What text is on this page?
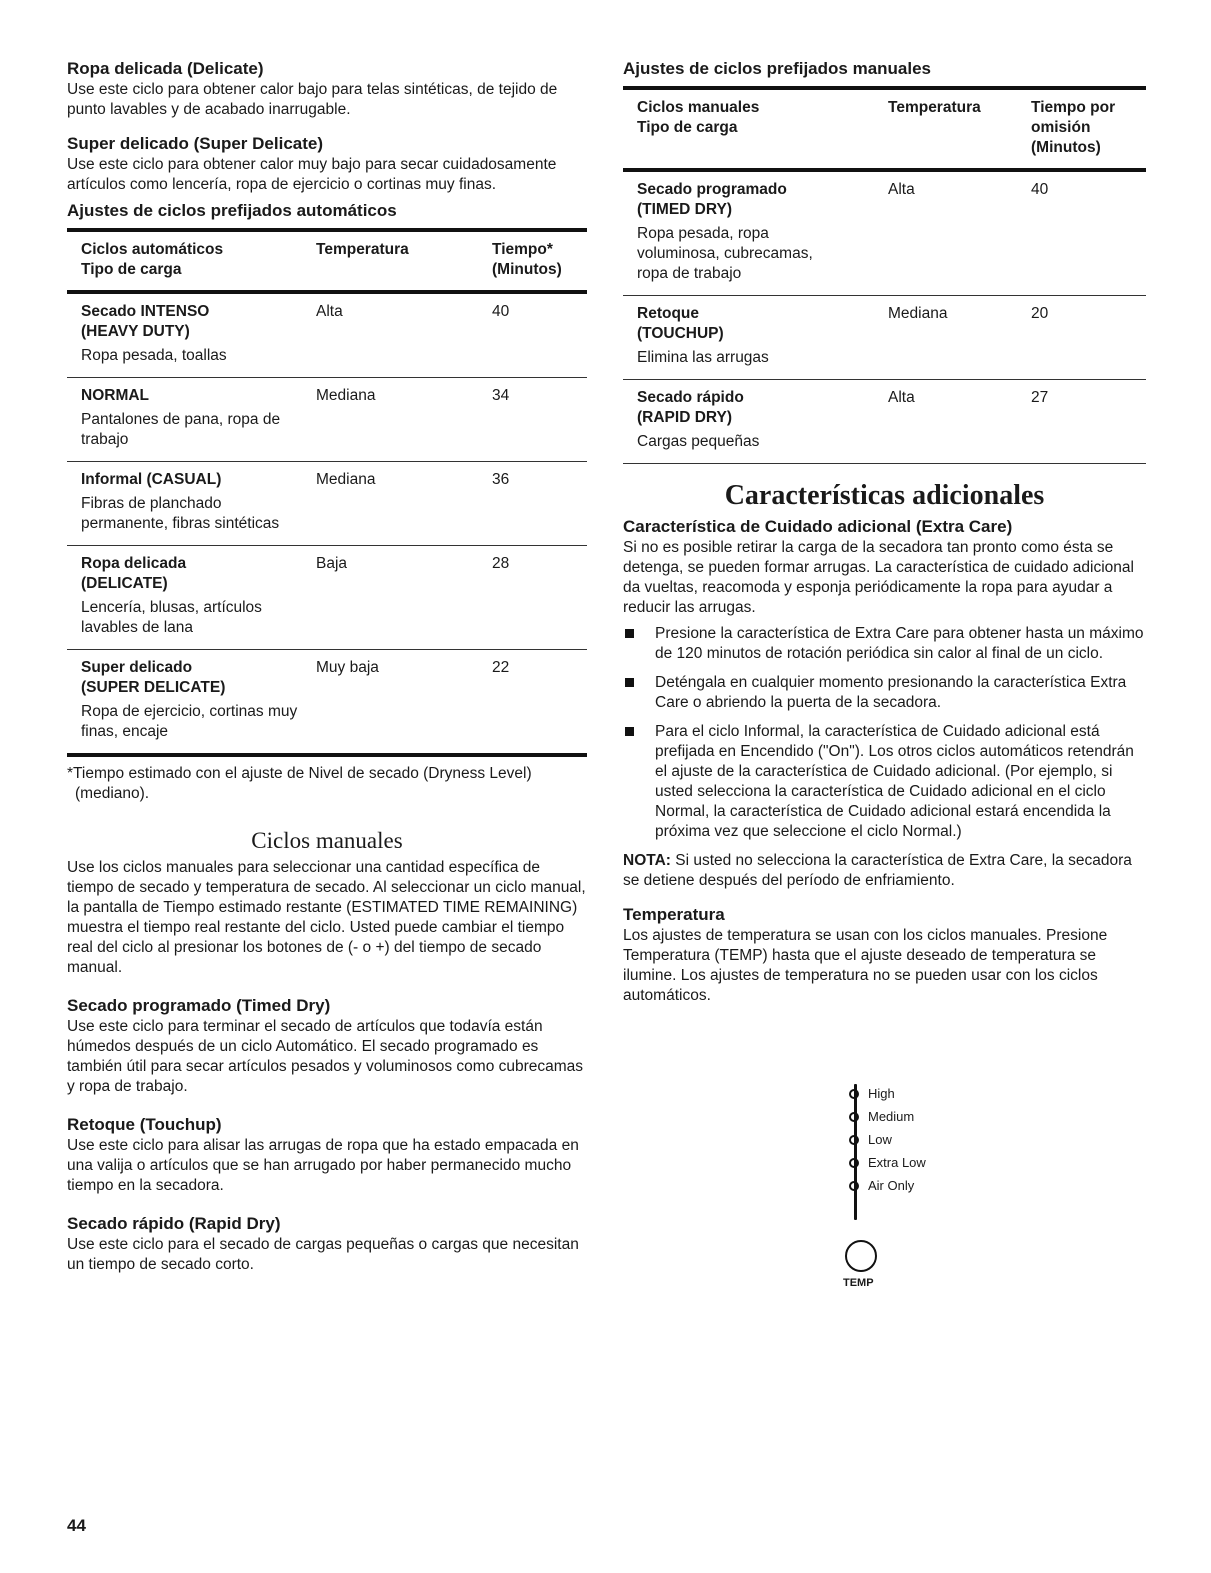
Ropa delicada (Delicate)

Use este ciclo para obtener calor bajo para telas sintéticas, de tejido de punto lavables y de acabado inarrugable.

Super delicado (Super Delicate)

Use este ciclo para obtener calor muy bajo para secar cuidadosamente artículos como lencería, ropa de ejercicio o cortinas muy finas.

Ajustes de ciclos prefijados automáticos

Ciclos automáticos
Tipo de carga	Temperatura	Tiempo*
(Minutos)
Secado INTENSO
(HEAVY DUTY)
Ropa pesada, toallas	Alta	40
NORMAL
Pantalones de pana, ropa de trabajo	Mediana	34
Informal (CASUAL)
Fibras de planchado permanente, fibras sintéticas	Mediana	36
Ropa delicada
(DELICATE)
Lencería, blusas, artículos lavables de lana	Baja	28
Super delicado
(SUPER DELICATE)
Ropa de ejercicio, cortinas muy finas, encaje	Muy baja	22

*Tiempo estimado con el ajuste de Nivel de secado (Dryness Level) (mediano).

Ciclos manuales

Use los ciclos manuales para seleccionar una cantidad específica de tiempo de secado y temperatura de secado. Al seleccionar un ciclo manual, la pantalla de Tiempo estimado restante (ESTIMATED TIME REMAINING) muestra el tiempo real restante del ciclo. Usted puede cambiar el tiempo real del ciclo al presionar los botones de (- o +) del tiempo de secado manual.

Secado programado (Timed Dry)

Use este ciclo para terminar el secado de artículos que todavía están húmedos después de un ciclo Automático. El secado programado es también útil para secar artículos pesados y voluminosos como cubrecamas y ropa de trabajo.

Retoque (Touchup)

Use este ciclo para alisar las arrugas de ropa que ha estado empacada en una valija o artículos que se han arrugado por haber permanecido mucho tiempo en la secadora.

Secado rápido (Rapid Dry)

Use este ciclo para el secado de cargas pequeñas o cargas que necesitan un tiempo de secado corto.

Ajustes de ciclos prefijados manuales

Ciclos manuales
Tipo de carga	Temperatura	Tiempo por
omisión
(Minutos)
Secado programado
(TIMED DRY)
Ropa pesada, ropa voluminosa, cubrecamas, ropa de trabajo	Alta	40
Retoque
(TOUCHUP)
Elimina las arrugas	Mediana	20
Secado rápido
(RAPID DRY)
Cargas pequeñas	Alta	27

Características adicionales

Característica de Cuidado adicional (Extra Care)

Si no es posible retirar la carga de la secadora tan pronto como ésta se detenga, se pueden formar arrugas. La característica de cuidado adicional da vueltas, reacomoda y esponja periódicamente la ropa para ayudar a reducir las arrugas.

Presione la característica de Extra Care para obtener hasta un máximo de 120 minutos de rotación periódica sin calor al final de un ciclo.
Deténgala en cualquier momento presionando la característica Extra Care o abriendo la puerta de la secadora.
Para el ciclo Informal, la característica de Cuidado adicional está prefijada en Encendido ("On"). Los otros ciclos automáticos retendrán el ajuste de la característica de Cuidado adicional. (Por ejemplo, si usted selecciona la característica de Cuidado adicional en el ciclo Normal, la característica de Cuidado adicional estará encendida la próxima vez que seleccione el ciclo Normal.)

NOTA: Si usted no selecciona la característica de Extra Care, la secadora se detiene después del período de enfriamiento.

Temperatura

Los ajustes de temperatura se usan con los ciclos manuales. Presione Temperatura (TEMP) hasta que el ajuste deseado de temperatura se ilumine. Los ajustes de temperatura no se pueden usar con los ciclos automáticos.

High
Medium
Low
Extra Low
Air Only
TEMP
44
